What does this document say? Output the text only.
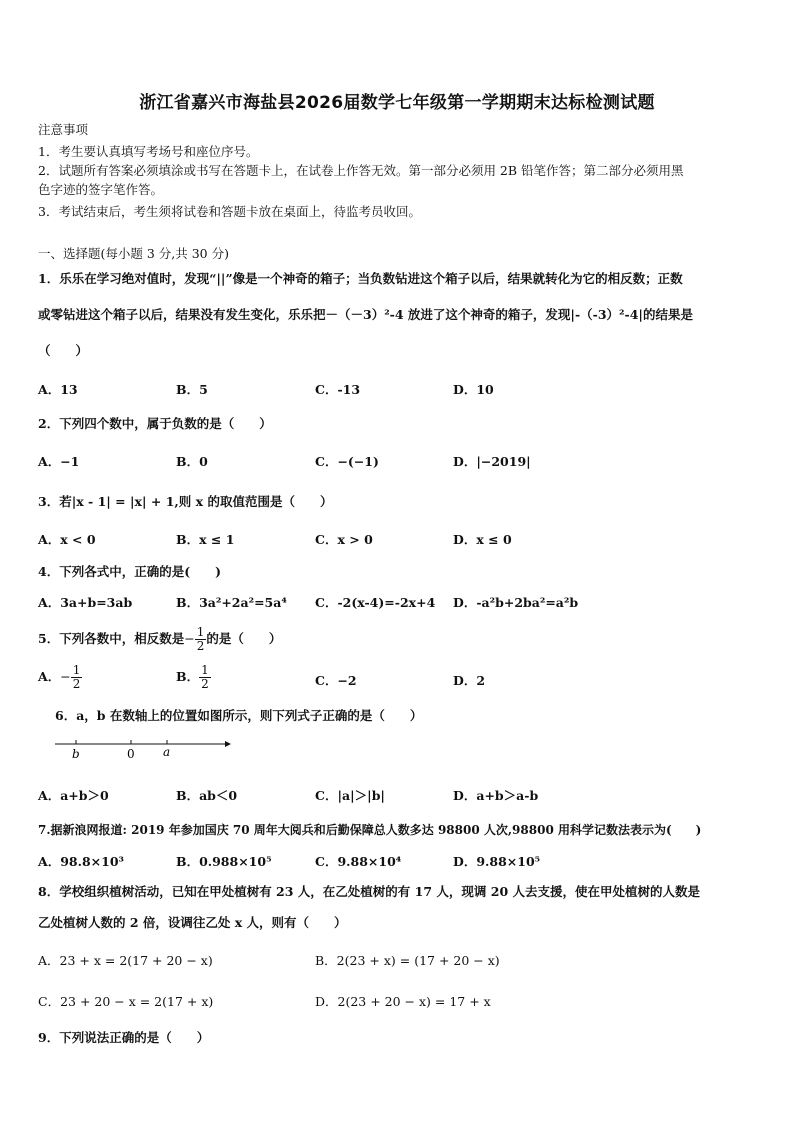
浙江省嘉兴市海盐县2026届数学七年级第一学期期末达标检测试题
注意事项
1．考生要认真填写考场号和座位序号。
2．试题所有答案必须填涂或书写在答题卡上，在试卷上作答无效。第一部分必须用 2B 铅笔作答；第二部分必须用黑
色字迹的签字笔作答。
3．考试结束后，考生须将试卷和答题卡放在桌面上，待监考员收回。
一、选择题(每小题 3 分,共 30 分)
1．乐乐在学习绝对值时，发现“||”像是一个神奇的箱子；当负数钻进这个箱子以后，结果就转化为它的相反数；正数
或零钻进这个箱子以后，结果没有发生变化，乐乐把－（－3）²-4 放进了这个神奇的箱子，发现|-（-3）²-4|的结果是
（　　）
A．13	B．5	C．-13	D．10
2．下列四个数中，属于负数的是（　　）
A．−1	B．0	C．−(−1)	D．|−2019|
3．若|x - 1| = |x| + 1,则 x 的取值范围是（　　）
A．x < 0	B．x ≤ 1	C．x > 0	D．x ≤ 0
4．下列各式中，正确的是(　　)
A．3a+b=3ab	B．3a²+2a²=5a⁴ C．-2(x-4)=-2x+4 D．-a²b+2ba²=a²b
5．下列各数中，相反数是− $\frac{1}{2}$ 的是（　　）
A．− $\frac{1}{2}$	B． $\frac{1}{2}$	C．−2	D．2
6．a，b 在数轴上的位置如图所示，则下列式子正确的是（　　）
b	0 a
A．a+b＞0	B．ab＜0	C．|a|＞|b|	D．a+b＞a-b
7.据新浪网报道: 2019 年参加国庆 70 周年大阅兵和后勤保障总人数多达 98800 人次,98800 用科学记数法表示为(　　)
A．98.8×10³	B．0.988×10⁵	C．9.88×10⁴	D．9.88×10⁵
8．学校组织植树活动，已知在甲处植树有 23 人，在乙处植树的有 17 人，现调 20 人去支援，使在甲处植树的人数是
乙处植树人数的 2 倍，设调往乙处 x 人，则有（　　）
A．23 + x = 2(17 + 20 − x)	B．2(23 + x) = (17 + 20 − x)
C．23 + 20 − x = 2(17 + x)	D．2(23 + 20 − x) = 17 + x
9．下列说法正确的是（　　）
